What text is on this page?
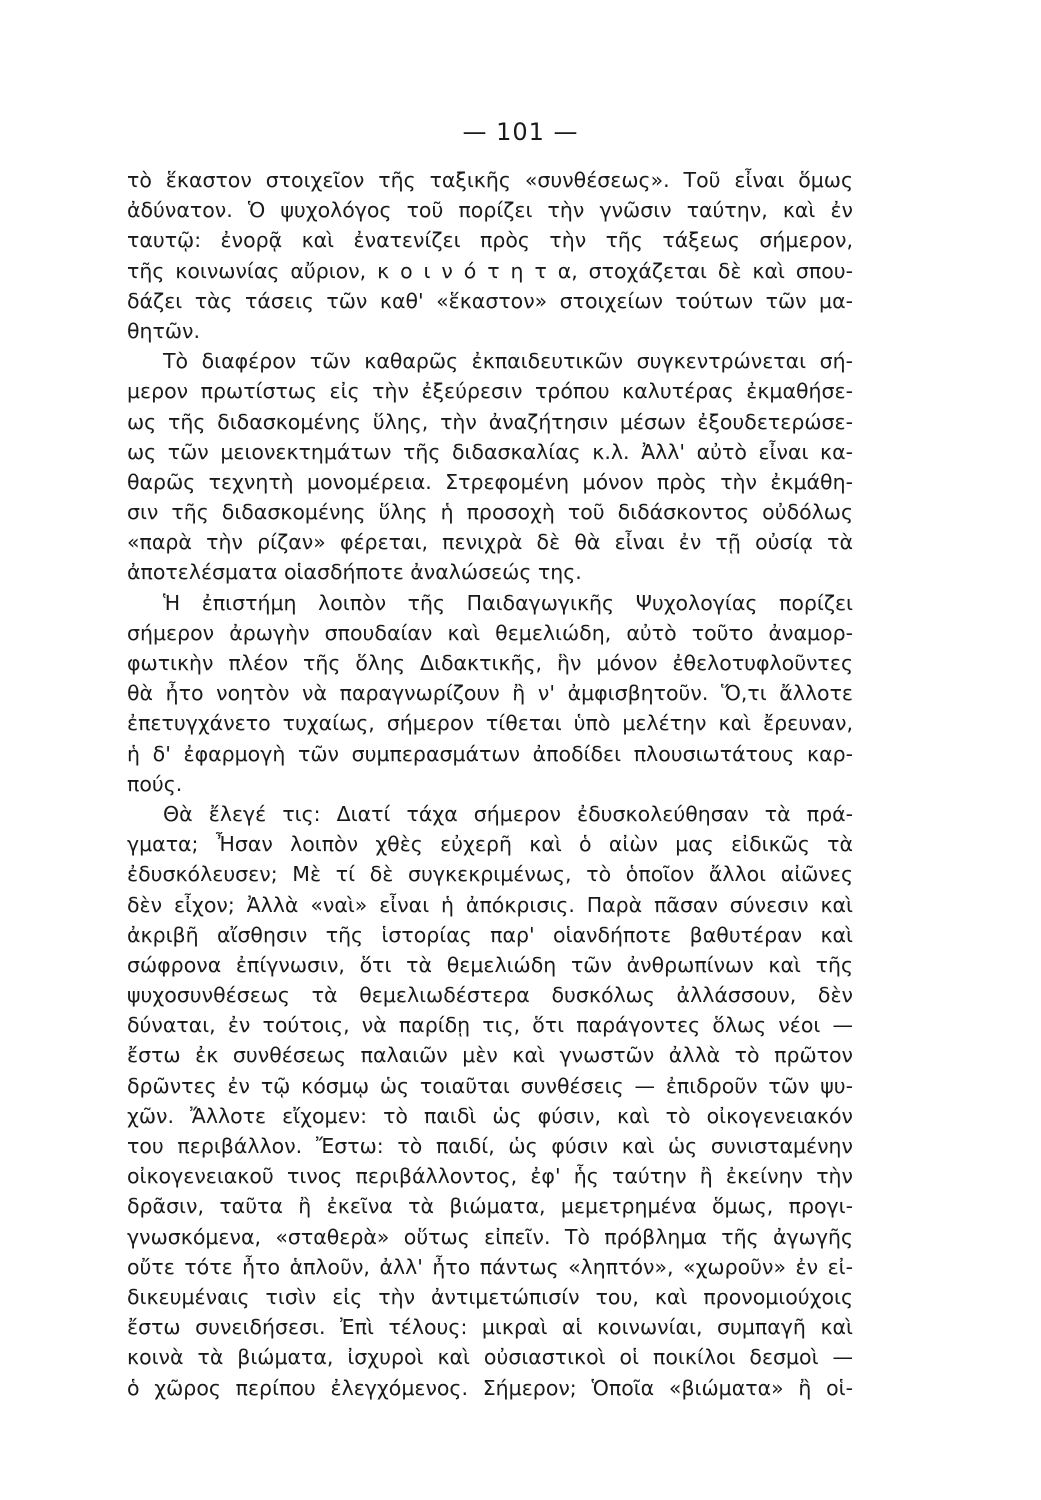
— 101 —
τὸ ἕκαστον στοιχεῖον τῆς ταξικῆς «συνθέσεως». Τοῦ εἶναι ὅμως
ἀδύνατον. Ὁ ψυχολόγος τοῦ πορίζει τὴν γνῶσιν ταύτην, καὶ ἐν
ταυτῷ: ἐνορᾷ καὶ ἐνατενίζει πρὸς τὴν τῆς τάξεως σήμερον,
τῆς κοινωνίας αὔριον, κ ο ι ν ό τ η τ α, στοχάζεται δὲ καὶ σπου-
δάζει τὰς τάσεις τῶν καθ' «ἕκαστον» στοιχείων τούτων τῶν μα-
θητῶν.
Τὸ διαφέρον τῶν καθαρῶς ἐκπαιδευτικῶν συγκεντρώνεται σή-
μερον πρωτίστως εἰς τὴν ἐξεύρεσιν τρόπου καλυτέρας ἐκμαθήσε-
ως τῆς διδασκομένης ὕλης, τὴν ἀναζήτησιν μέσων ἐξουδετερώσε-
ως τῶν μειονεκτημάτων τῆς διδασκαλίας κ.λ. Ἀλλ' αὐτὸ εἶναι κα-
θαρῶς τεχνητὴ μονομέρεια. Στρεφομένη μόνον πρὸς τὴν ἐκμάθη-
σιν τῆς διδασκομένης ὕλης ἡ προσοχὴ τοῦ διδάσκοντος οὐδόλως
«παρὰ τὴν ρίζαν» φέρεται, πενιχρὰ δὲ θὰ εἶναι ἐν τῇ οὐσίᾳ τὰ
ἀποτελέσματα οἱασδήποτε ἀναλώσεώς της.
Ἡ ἐπιστήμη λοιπὸν τῆς Παιδαγωγικῆς Ψυχολογίας πορίζει
σήμερον ἀρωγὴν σπουδαίαν καὶ θεμελιώδη, αὐτὸ τοῦτο ἀναμορ-
φωτικὴν πλέον τῆς ὅλης Διδακτικῆς, ἣν μόνον ἐθελοτυφλοῦντες
θὰ ἦτο νοητὸν νὰ παραγνωρίζουν ἢ ν' ἀμφισβητοῦν. Ὅ,τι ἄλλοτε
ἐπετυγχάνετο τυχαίως, σήμερον τίθεται ὑπὸ μελέτην καὶ ἔρευναν,
ἡ δ' ἐφαρμογὴ τῶν συμπερασμάτων ἀποδίδει πλουσιωτάτους καρ-
πούς.
Θὰ ἔλεγέ τις: Διατί τάχα σήμερον ἐδυσκολεύθησαν τὰ πρά-
γματα; Ἦσαν λοιπὸν χθὲς εὐχερῆ καὶ ὁ αἰὼν μας εἰδικῶς τὰ
ἐδυσκόλευσεν; Μὲ τί δὲ συγκεκριμένως, τὸ ὁποῖον ἄλλοι αἰῶνες
δὲν εἶχον; Ἀλλὰ «ναὶ» εἶναι ἡ ἀπόκρισις. Παρὰ πᾶσαν σύνεσιν καὶ
ἀκριβῆ αἴσθησιν τῆς ἱστορίας παρ' οἱανδήποτε βαθυτέραν καὶ
σώφρονα ἐπίγνωσιν, ὅτι τὰ θεμελιώδη τῶν ἀνθρωπίνων καὶ τῆς
ψυχοσυνθέσεως τὰ θεμελιωδέστερα δυσκόλως ἀλλάσσουν, δὲν
δύναται, ἐν τούτοις, νὰ παρίδῃ τις, ὅτι παράγοντες ὅλως νέοι —
ἔστω ἐκ συνθέσεως παλαιῶν μὲν καὶ γνωστῶν ἀλλὰ τὸ πρῶτον
δρῶντες ἐν τῷ κόσμῳ ὡς τοιαῦται συνθέσεις — ἐπιδροῦν τῶν ψυ-
χῶν. Ἄλλοτε εἴχομεν: τὸ παιδὶ ὡς φύσιν, καὶ τὸ οἰκογενειακόν
του περιβάλλον. Ἔστω: τὸ παιδί, ὡς φύσιν καὶ ὡς συνισταμένην
οἰκογενειακοῦ τινος περιβάλλοντος, ἐφ' ἧς ταύτην ἢ ἐκείνην τὴν
δρᾶσιν, ταῦτα ἢ ἐκεῖνα τὰ βιώματα, μεμετρημένα ὅμως, προγι-
γνωσκόμενα, «σταθερὰ» οὕτως εἰπεῖν. Τὸ πρόβλημα τῆς ἀγωγῆς
οὔτε τότε ἦτο ἁπλοῦν, ἀλλ' ἦτο πάντως «ληπτόν», «χωροῦν» ἐν εἰ-
δικευμέναις τισὶν εἰς τὴν ἀντιμετώπισίν του, καὶ προνομιούχοις
ἔστω συνειδήσεσι. Ἐπὶ τέλους: μικραὶ αἱ κοινωνίαι, συμπαγῆ καὶ
κοινὰ τὰ βιώματα, ἰσχυροὶ καὶ οὐσιαστικοὶ οἱ ποικίλοι δεσμοὶ —
ὁ χῶρος περίπου ἐλεγχόμενος. Σήμερον; Ὁποῖα «βιώματα» ἢ οἱ-
